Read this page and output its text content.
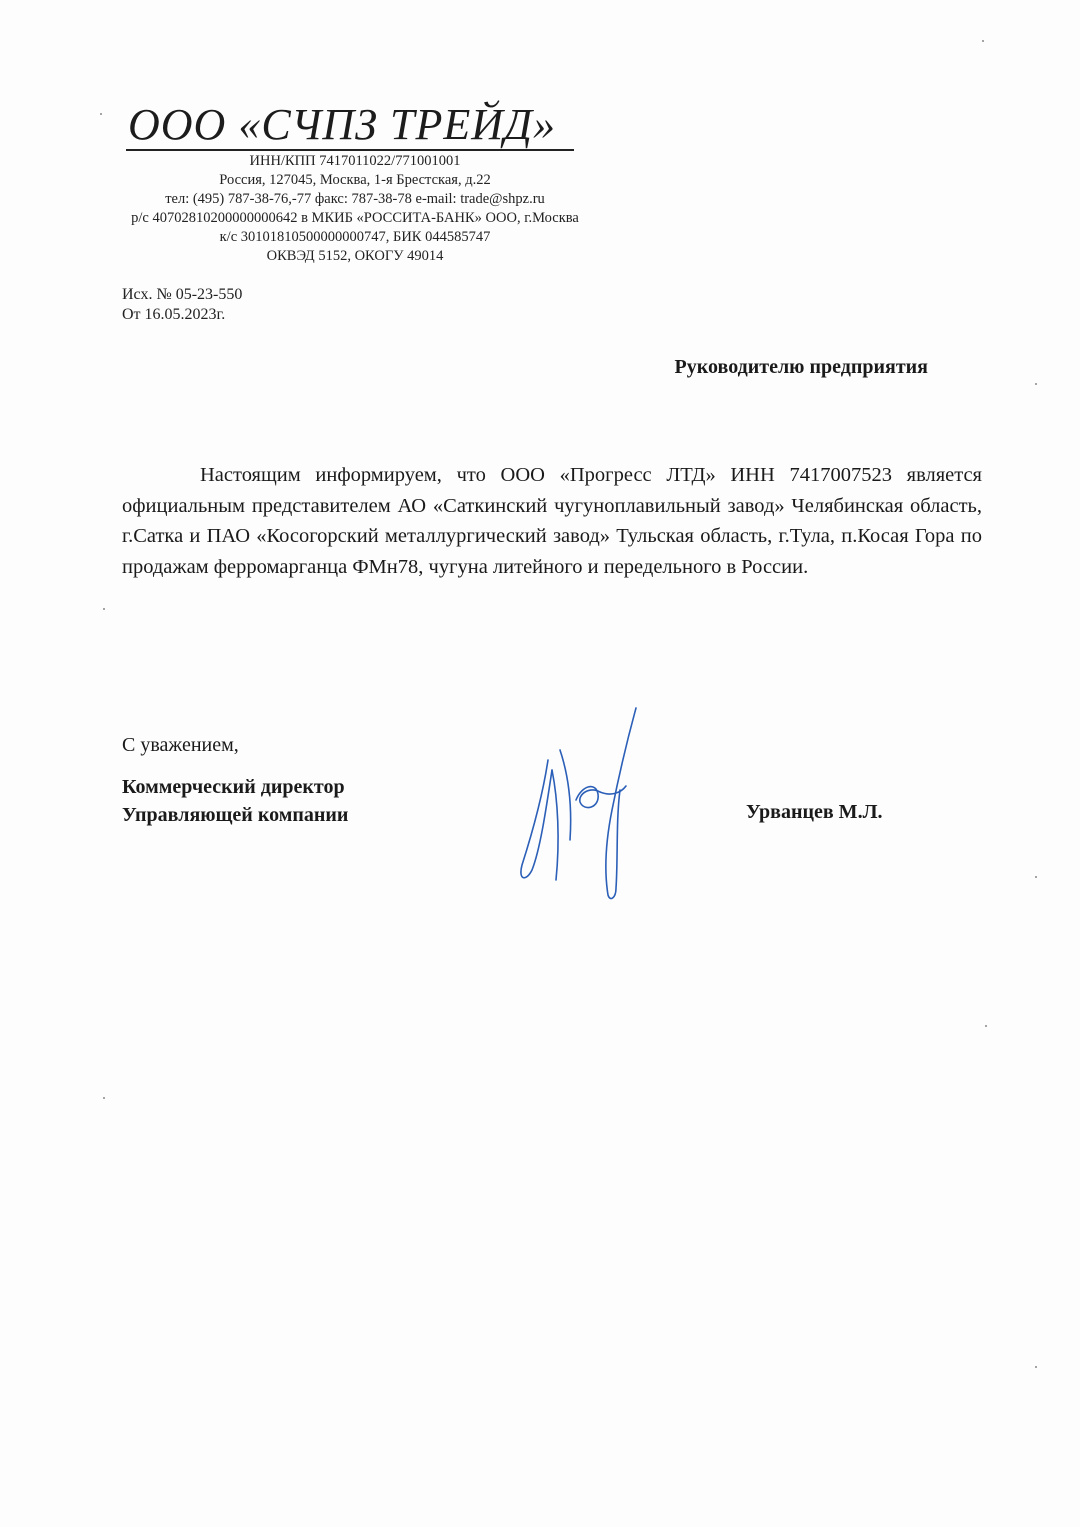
ООО «СЧПЗ ТРЕЙД»
ИНН/КПП 7417011022/771001001
Россия, 127045, Москва, 1-я Брестская, д.22
тел: (495) 787-38-76,-77 факс: 787-38-78 e-mail: trade@shpz.ru
р/с 40702810200000000642 в МКИБ «РОССИТА-БАНК» ООО, г.Москва
к/с 30101810500000000747, БИК 044585747
ОКВЭД 5152, ОКОГУ 49014
Исх. № 05-23-550
От 16.05.2023г.
Руководителю предприятия
Настоящим информируем, что ООО «Прогресс ЛТД» ИНН 7417007523 является официальным представителем АО «Саткинский чугуноплавильный завод» Челябинская область, г.Сатка и ПАО «Косогорский металлургический завод» Тульская область, г.Тула, п.Косая Гора по продажам ферромарганца ФМн78, чугуна литейного и передельного в России.
С уважением,
Коммерческий директор
Управляющей компании	Урванцев М.Л.
